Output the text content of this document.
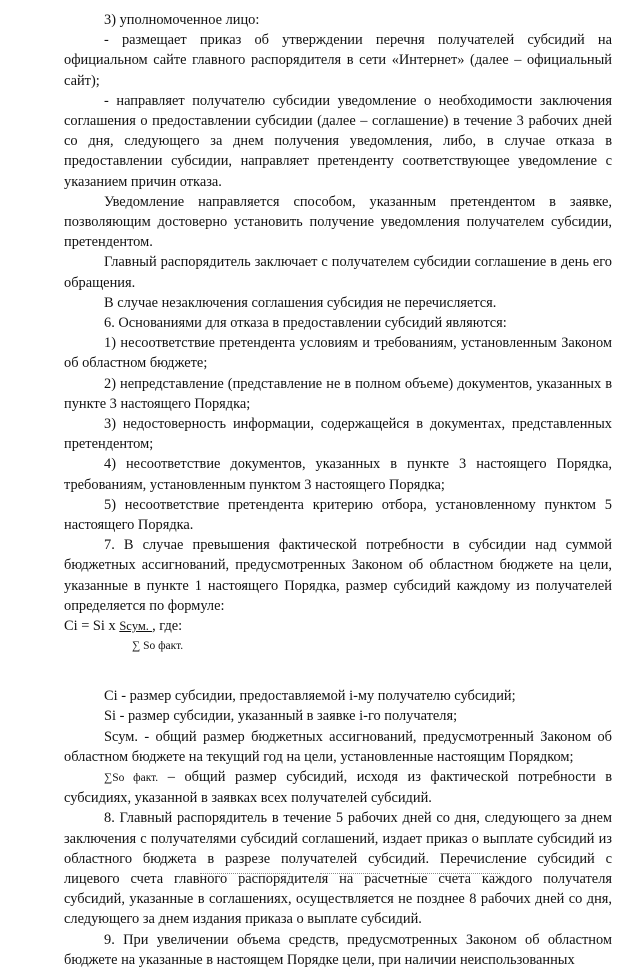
3) уполномоченное лицо:

- размещает приказ об утверждении перечня получателей субсидий на официальном сайте главного распорядителя в сети «Интернет» (далее – официальный сайт);

- направляет получателю субсидии уведомление о необходимости заключения соглашения о предоставлении субсидии (далее – соглашение) в течение 3 рабочих дней со дня, следующего за днем получения уведомления, либо, в случае отказа в предоставлении субсидии, направляет претенденту соответствующее уведомление с указанием причин отказа.

Уведомление направляется способом, указанным претендентом в заявке, позволяющим достоверно установить получение уведомления получателем субсидии, претендентом.

Главный распорядитель заключает с получателем субсидии соглашение в день его обращения.

В случае незаключения соглашения субсидия не перечисляется.

6. Основаниями для отказа в предоставлении субсидий являются:

1) несоответствие претендента условиям и требованиям, установленным Законом об областном бюджете;

2) непредставление (представление не в полном объеме) документов, указанных в пункте 3 настоящего Порядка;

3) недостоверность информации, содержащейся в документах, представленных претендентом;

4) несоответствие документов, указанных в пункте 3 настоящего Порядка, требованиям, установленным пунктом 3 настоящего Порядка;

5) несоответствие претендента критерию отбора, установленному пунктом 5 настоящего Порядка.

7. В случае превышения фактической потребности в субсидии над суммой бюджетных ассигнований, предусмотренных Законом об областном бюджете на цели, указанные в пункте 1 настоящего Порядка, размер субсидий каждому из получателей определяется по формуле:

Ci = Si x Scум. , где:
∑ So факт.

Ci - размер субсидии, предоставляемой i-му получателю субсидий;

Si - размер субсидии, указанный в заявке i-го получателя;

Sсум. - общий размер бюджетных ассигнований, предусмотренный Законом об областном бюджете на текущий год на цели, установленные настоящим Порядком;

∑So факт. – общий размер субсидий, исходя из фактической потребности в субсидиях, указанной в заявках всех получателей субсидий.

8. Главный распорядитель в течение 5 рабочих дней со дня, следующего за днем заключения с получателями субсидий соглашений, издает приказ о выплате субсидий из областного бюджета в разрезе получателей субсидий. Перечисление субсидий с лицевого счета главного распорядителя на расчетные счета каждого получателя субсидий, указанные в соглашениях, осуществляется не позднее 8 рабочих дней со дня, следующего за днем издания приказа о выплате субсидий.

9. При увеличении объема средств, предусмотренных Законом об областном бюджете на указанные в настоящем Порядке цели, при наличии неиспользованных
